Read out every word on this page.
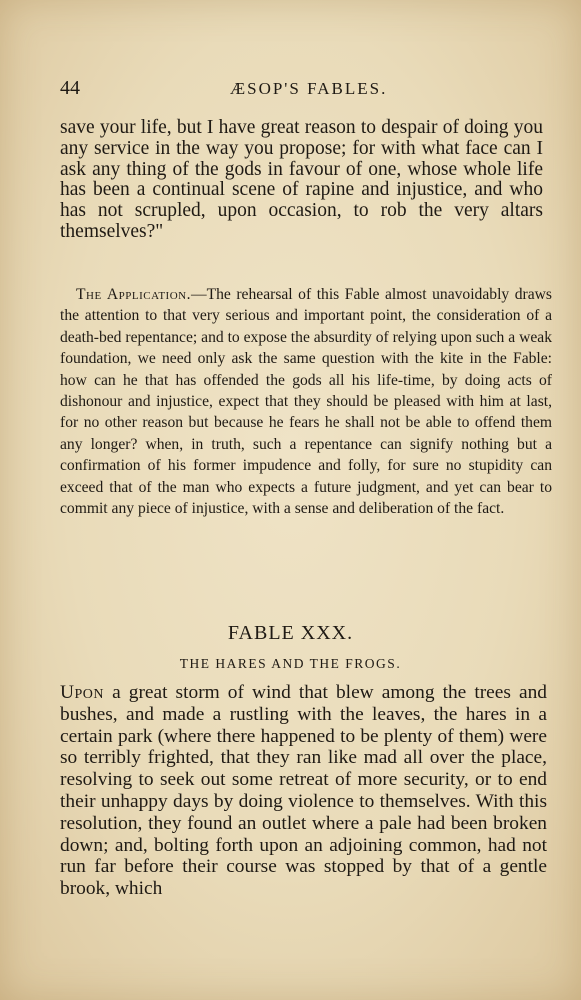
44	ÆSOP'S FABLES.

save your life, but I have great reason to despair of doing you any service in the way you propose; for with what face can I ask any thing of the gods in favour of one, whose whole life has been a continual scene of rapine and injustice, and who has not scrupled, upon occasion, to rob the very altars themselves?"

The Application.—The rehearsal of this Fable almost unavoidably draws the attention to that very serious and important point, the consideration of a death-bed repentance; and to expose the absurdity of relying upon such a weak foundation, we need only ask the same question with the kite in the Fable: how can he that has offended the gods all his life-time, by doing acts of dishonour and injustice, expect that they should be pleased with him at last, for no other reason but because he fears he shall not be able to offend them any longer? when, in truth, such a repentance can signify nothing but a confirmation of his former impudence and folly, for sure no stupidity can exceed that of the man who expects a future judgment, and yet can bear to commit any piece of injustice, with a sense and deliberation of the fact.

FABLE XXX.
THE HARES AND THE FROGS.

Upon a great storm of wind that blew among the trees and bushes, and made a rustling with the leaves, the hares in a certain park (where there happened to be plenty of them) were so terribly frighted, that they ran like mad all over the place, resolving to seek out some retreat of more security, or to end their unhappy days by doing violence to themselves. With this resolution, they found an outlet where a pale had been broken down; and, bolting forth upon an adjoining common, had not run far before their course was stopped by that of a gentle brook, which
